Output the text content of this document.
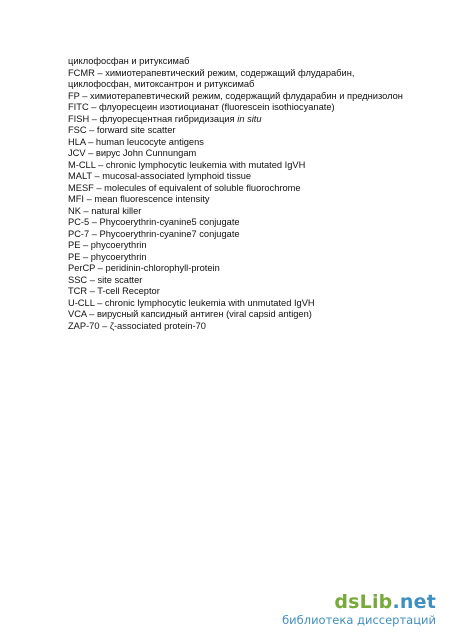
циклофосфан и ритуксимаб
FCMR – химиотерапевтический режим, содержащий флударабин,
циклофосфан, митоксантрон и ритуксимаб
FP – химиотерапевтический режим, содержащий флударабин и преднизолон
FITC – флуоресцеин изотиоцианат (fluorescein isothiocyanate)
FISH – флуоресцентная гибридизация in situ
FSC – forward site scatter
HLA – human leucocyte antigens
JCV – вирус John Cunnungam
M-CLL – chronic lymphocytic leukemia with mutated IgVH
MALT – mucosal-associated lymphoid tissue
MESF – molecules of equivalent of soluble fluorochrome
MFI – mean fluorescence intensity
NK – natural killer
PC-5 – Phycoerythrin-cyanine5 conjugate
PC-7 – Phycoerythrin-cyanine7 conjugate
PE – phycoerythrin
PE – phycoerythrin
PerCP – peridinin-chlorophyll-protein
SSC – site scatter
TCR – T-cell Receptor
U-CLL – chronic lymphocytic leukemia with unmutated IgVH
VCA – вирусный капсидный антиген (viral capsid antigen)
ZAP-70 – ζ-associated protein-70
dsLib.net
библиотека диссертаций
